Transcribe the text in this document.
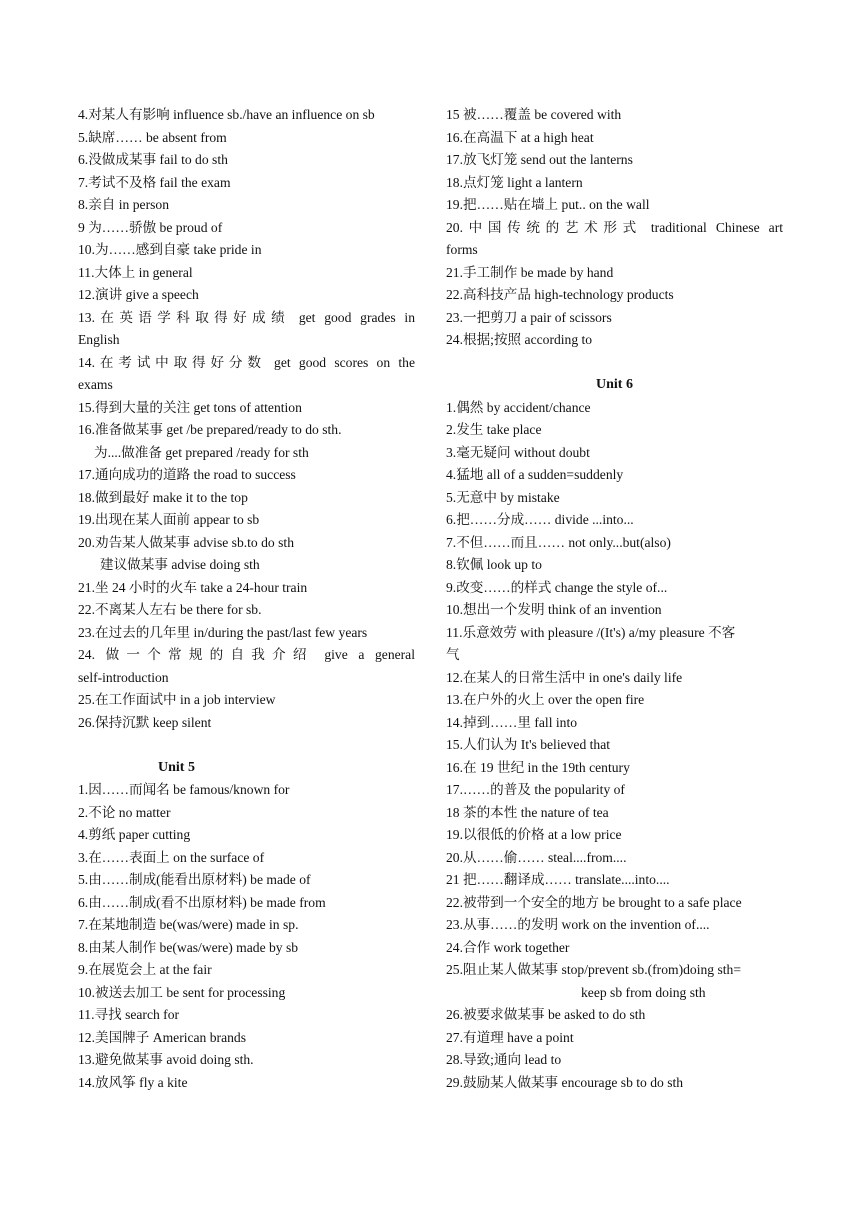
4.对某人有影响 influence sb./have an influence on sb
5.缺席…… be absent from
6.没做成某事 fail to do sth
7.考试不及格 fail the exam
8.亲自 in person
9 为……骄傲 be proud of
10.为……感到自豪 take pride in
11.大体上 in general
12.演讲 give a speech
13.在英语学科取得好成绩 get good grades in
English
14.在考试中取得好分数 get good scores on the
exams
15.得到大量的关注 get tons of attention
16.准备做某事 get /be prepared/ready to do sth.
为....做准备 get prepared /ready for sth
17.通向成功的道路 the road to success
18.做到最好 make it to the top
19.出现在某人面前 appear to sb
20.劝告某人做某事 advise sb.to do sth
建议做某事 advise doing sth
21.坐 24 小时的火车 take a 24-hour train
22.不离某人左右 be there for sb.
23.在过去的几年里 in/during the past/last few years
24. 做一个常规的自我介绍 give a general
self-introduction
25.在工作面试中 in a job interview
26.保持沉默 keep silent
Unit 5
1.因……而闻名 be famous/known for
2.不论 no matter
4.剪纸 paper cutting
3.在……表面上 on the surface of
5.由……制成(能看出原材料) be made of
6.由……制成(看不出原材料) be made from
7.在某地制造 be(was/were) made in sp.
8.由某人制作 be(was/were) made by sb
9.在展览会上 at the fair
10.被送去加工 be sent for processing
11.寻找 search for
12.美国牌子 American brands
13.避免做某事 avoid doing sth.
14.放风筝 fly a kite
15 被……覆盖 be covered with
16.在高温下 at a high heat
17.放飞灯笼 send out the lanterns
18.点灯笼 light a lantern
19.把……贴在墙上 put.. on the wall
20.中国传统的艺术形式 traditional Chinese art
forms
21.手工制作 be made by hand
22.高科技产品 high-technology products
23.一把剪刀 a pair of scissors
24.根据;按照 according to
Unit 6
1.偶然 by accident/chance
2.发生 take place
3.毫无疑问 without doubt
4.猛地 all of a sudden=suddenly
5.无意中 by mistake
6.把……分成…… divide ...into...
7.不但……而且…… not only...but(also)
8.钦佩 look up to
9.改变……的样式 change the style of...
10.想出一个发明 think of an invention
11.乐意效劳 with pleasure /(It's) a/my pleasure 不客
气
12.在某人的日常生活中 in one's daily life
13.在户外的火上 over the open fire
14.掉到……里 fall into
15.人们认为 It's believed that
16.在 19 世纪 in the 19th century
17.……的普及 the popularity of
18 茶的本性 the nature of tea
19.以很低的价格 at a low price
20.从……偷…… steal....from....
21 把……翻译成…… translate....into....
22.被带到一个安全的地方 be brought to a safe place
23.从事……的发明 work on the invention of....
24.合作 work together
25.阻止某人做某事 stop/prevent sb.(from)doing sth=
keep sb from doing sth
26.被要求做某事 be asked to do sth
27.有道理 have a point
28.导致;通向 lead to
29.鼓励某人做某事 encourage sb to do sth
